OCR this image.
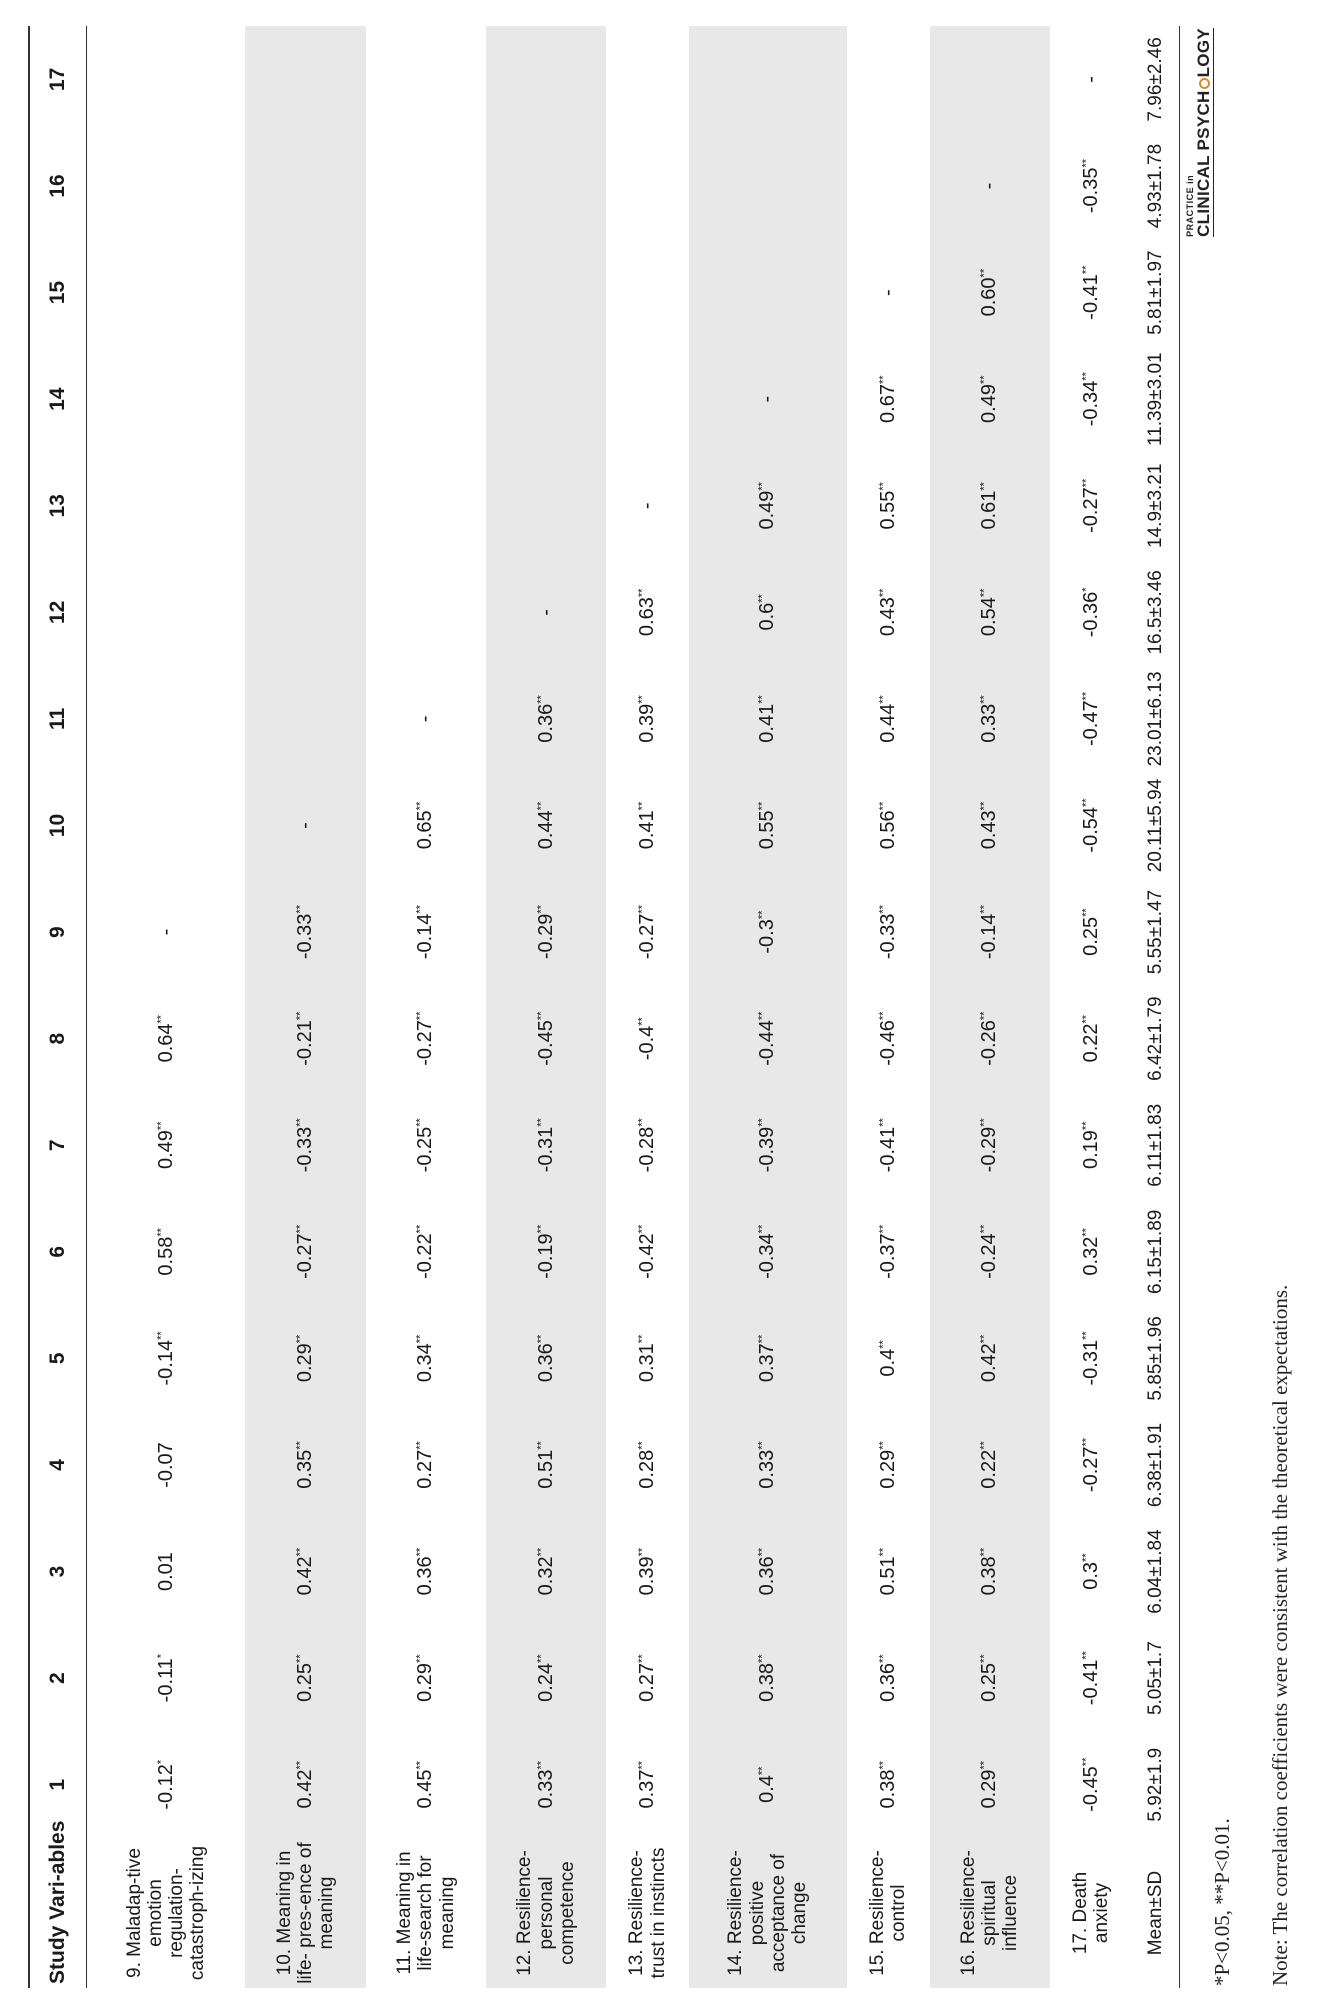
Study Vari-ables	1	2	3	4	5	6	7	8	9	10	11	12	13	14	15	16	17
9. Maladap-tive emotion regulation-catastroph-izing	-0.12*	-0.11*	0.01	-0.07	-0.14**	0.58**	0.49**	0.64**	-								
10. Meaning in life- pres-ence of meaning	0.42**	0.25**	0.42**	0.35**	0.29**	-0.27**	-0.33**	-0.21**	-0.33**	-							
11. Meaning in life-search for meaning	0.45**	0.29**	0.36**	0.27**	0.34**	-0.22**	-0.25**	-0.27**	-0.14**	0.65**	-						
12. Resilience-personal competence	0.33**	0.24**	0.32**	0.51**	0.36**	-0.19**	-0.31**	-0.45**	-0.29**	0.44**	0.36**	-					
13. Resilience-trust in instincts	0.37**	0.27**	0.39**	0.28**	0.31**	-0.42**	-0.28**	-0.4**	-0.27**	0.41**	0.39**	0.63**	-				
14. Resilience-positive acceptance of change	0.4**	0.38**	0.36**	0.33**	0.37**	-0.34**	-0.39**	-0.44**	-0.3**	0.55**	0.41**	0.6**	0.49**	-			
15. Resilience-control	0.38**	0.36**	0.51**	0.29**	0.4**	-0.37**	-0.41**	-0.46**	-0.33**	0.56**	0.44**	0.43**	0.55**	0.67**	-		
16. Resilience-spiritual influence	0.29**	0.25**	0.38**	0.22**	0.42**	-0.24**	-0.29**	-0.26**	-0.14**	0.43**	0.33**	0.54**	0.61**	0.49**	0.60**	-	
17. Death anxiety	-0.45**	-0.41**	0.3**	-0.27**	-0.31**	0.32**	0.19**	0.22**	0.25**	-0.54**	-0.47**	-0.36*	-0.27**	-0.34**	-0.41**	-0.35**	-
Mean±SD	5.92±1.9	5.05±1.7	6.04±1.84	6.38±1.91	5.85±1.96	6.15±1.89	6.11±1.83	6.42±1.79	5.55±1.47	20.11±5.94	23.01±6.13	16.5±3.46	14.9±3.21	11.39±3.01	5.81±1.97	4.93±1.78	7.96±2.46
*P<0.05, **P<0.01. Note: The correlation coefficients were consistent with the theoretical expectations.
PRACTICE in CLINICAL PSYCHLOGY
